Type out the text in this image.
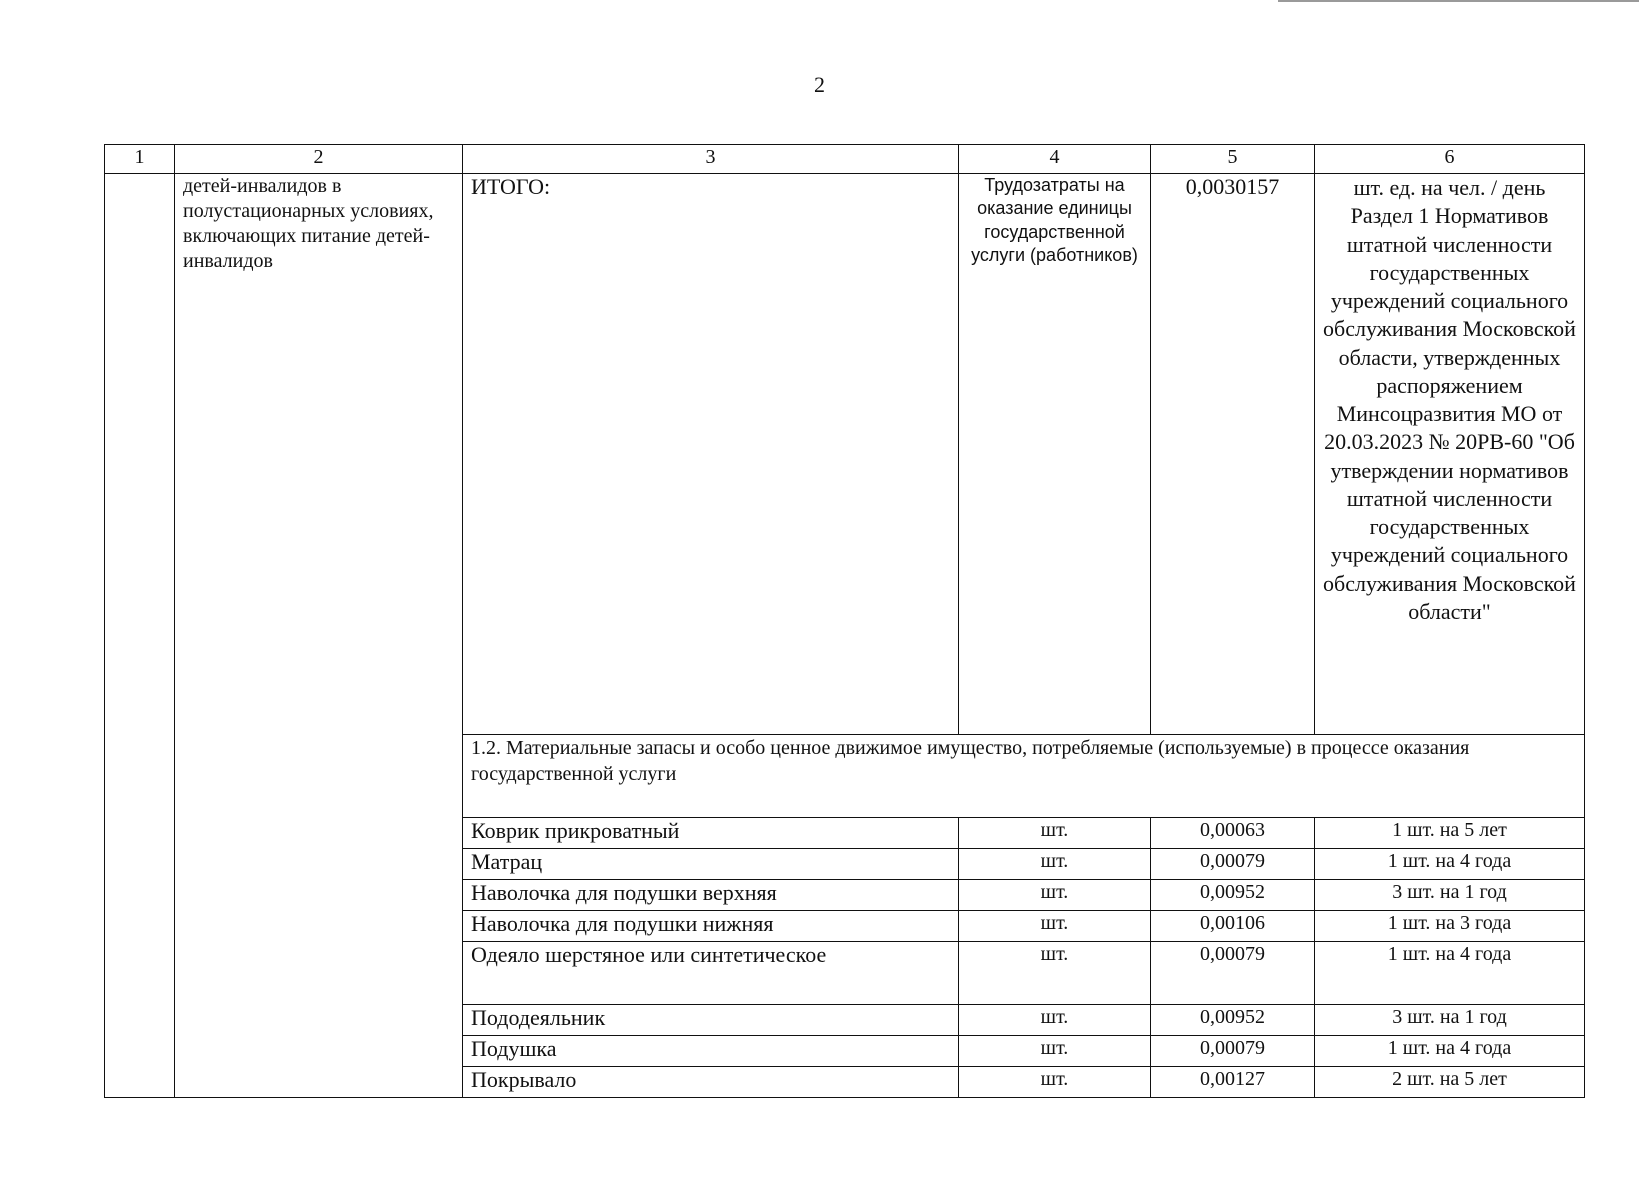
2
1	2	3	4	5	6
	детей-инвалидов в полустационарных условиях, включающих питание детей-инвалидов	ИТОГО:	Трудозатраты на оказание единицы государственной услуги (работников)	0,0030157	шт. ед. на чел. / день Раздел 1 Нормативов штатной численности государственных учреждений социального обслуживания Московской области, утвержденных распоряжением Минсоцразвития МО от 20.03.2023 № 20РВ-60 "Об утверждении нормативов штатной численности государственных учреждений социального обслуживания Московской области"
		1.2. Материальные запасы и особо ценное движимое имущество, потребляемые (используемые) в процессе оказания государственной услуги			
		Коврик прикроватный	шт.	0,00063	1 шт. на 5 лет
		Матрац	шт.	0,00079	1 шт. на 4 года
		Наволочка для подушки верхняя	шт.	0,00952	3 шт. на 1 год
		Наволочка для подушки нижняя	шт.	0,00106	1 шт. на 3 года
		Одеяло шерстяное или синтетическое	шт.	0,00079	1 шт. на 4 года
		Пододеяльник	шт.	0,00952	3 шт. на 1 год
		Подушка	шт.	0,00079	1 шт. на 4 года
		Покрывало	шт.	0,00127	2 шт. на 5 лет
